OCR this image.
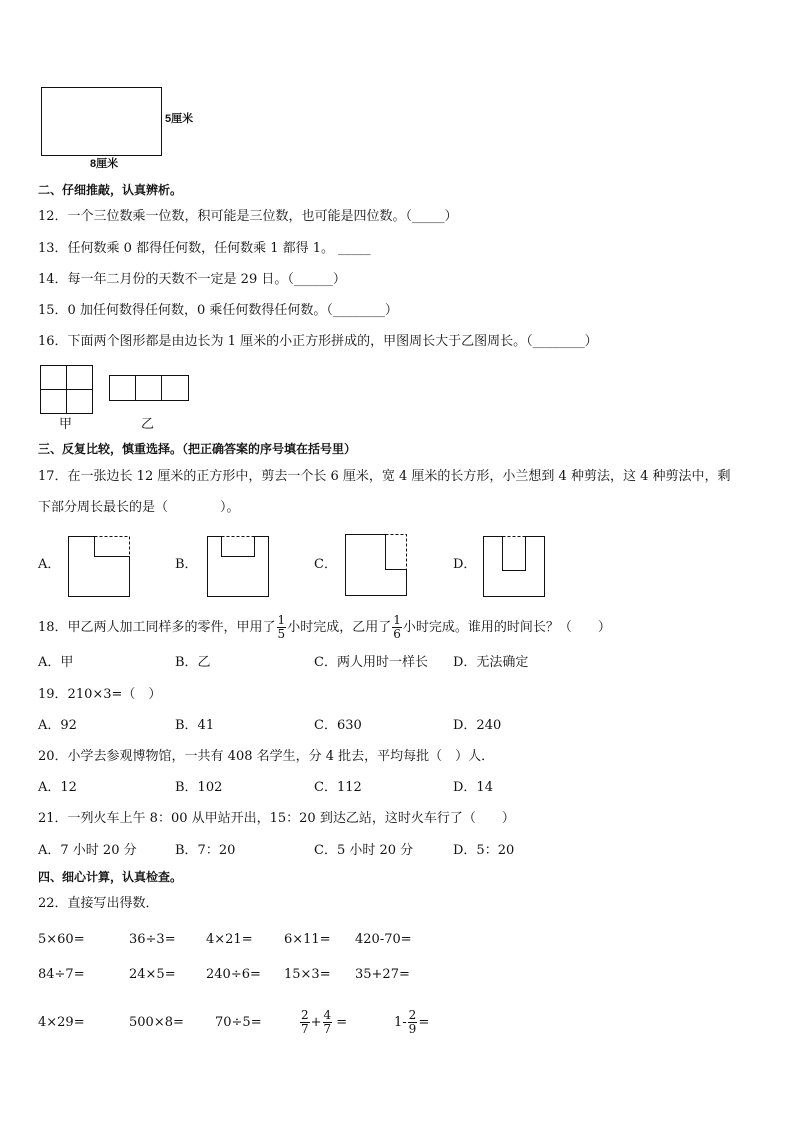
5厘米
8厘米
二、仔细推敲，认真辨析。
12．一个三位数乘一位数，积可能是三位数，也可能是四位数。（_____）
13．任何数乘 0 都得任何数，任何数乘 1 都得 1。 _____
14．每一年二月份的天数不一定是 29 日。（______）
15．0 加任何数得任何数，0 乘任何数得任何数。（________）
16．下面两个图形都是由边长为 1 厘米的小正方形拼成的，甲图周长大于乙图周长。（________）
甲	乙
三、反复比较，慎重选择。（把正确答案的序号填在括号里）
17．在一张边长 12 厘米的正方形中，剪去一个长 6 厘米，宽 4 厘米的长方形，小兰想到 4 种剪法，这 4 种剪法中，剩
下部分周长最长的是（　　　　）。
A．	B．	C．	D．
18．甲乙两人加工同样多的零件，甲用了 $\frac{1}{5}$ 小时完成，乙用了 $\frac{1}{6}$ 小时完成。谁用的时间长？（　　）
A．甲	B．乙	C．两人用时一样长 D．无法确定
19．210×3=（　）
A．92	B．41	C．630	D．240
20．小学去参观博物馆，一共有 408 名学生，分 4 批去，平均每批（　）人．
A．12	B．102	C．112	D．14
21．一列火车上午 8：00 从甲站开出，15：20 到达乙站，这时火车行了（　　）
A．7 小时 20 分	B．7：20	C．5 小时 20 分	D．5：20
四、细心计算，认真检查。
22．直接写出得数．
5×60=	36÷3= 4×21= 6×11= 420-70=
84÷7=	24×5= 240÷6= 15×3= 35+27=
4×29=	500×8= 70÷5=	$\frac{2}{7} + \frac{4}{7}$ =	$1- \frac{2}{9}$ =
